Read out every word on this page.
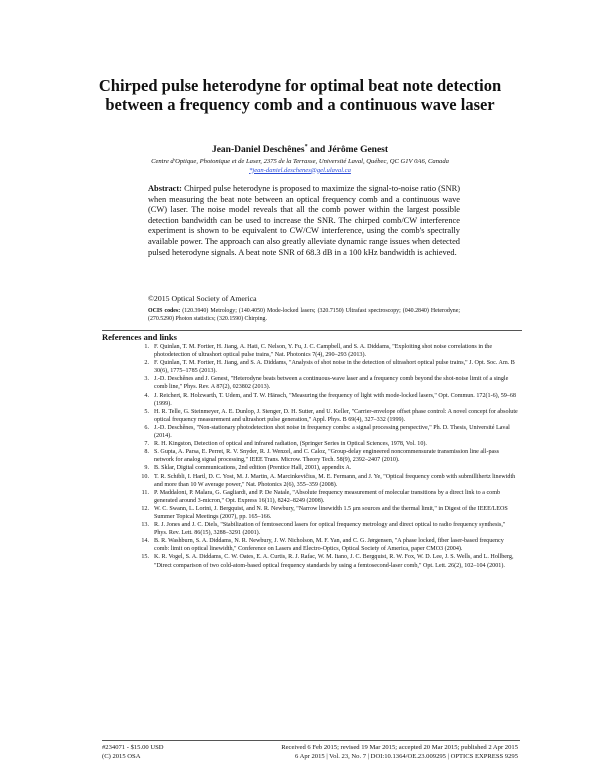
Chirped pulse heterodyne for optimal beat note detection between a frequency comb and a continuous wave laser
Jean-Daniel Deschênes* and Jérôme Genest
Centre d'Optique, Photonique et de Laser, 2375 de la Terrasse, Université Laval, Québec, QC G1V 0A6, Canada
*jean-daniel.deschenes@gel.ulaval.ca
Abstract: Chirped pulse heterodyne is proposed to maximize the signal-to-noise ratio (SNR) when measuring the beat note between an optical frequency comb and a continuous wave (CW) laser. The noise model reveals that all the comb power within the largest possible detection bandwidth can be used to increase the SNR. The chirped comb/CW interference experiment is shown to be equivalent to CW/CW interference, using the comb's spectrally available power. The approach can also greatly alleviate dynamic range issues when detected pulsed heterodyne signals. A beat note SNR of 68.3 dB in a 100 kHz bandwidth is achieved.
©2015 Optical Society of America
OCIS codes: (120.3940) Metrology; (140.4050) Mode-locked lasers; (320.7150) Ultrafast spectroscopy; (040.2840) Heterodyne; (270.5290) Photon statistics; (320.1590) Chirping.
References and links
1. F. Quinlan, T. M. Fortier, H. Jiang, A. Hati, C. Nelson, Y. Fu, J. C. Campbell, and S. A. Diddams, "Exploiting shot noise correlations in the photodetection of ultrashort optical pulse trains," Nat. Photonics 7(4), 290–293 (2013).
2. F. Quinlan, T. M. Fortier, H. Jiang, and S. A. Diddams, "Analysis of shot noise in the detection of ultrashort optical pulse trains," J. Opt. Soc. Am. B 30(6), 1775–1785 (2013).
3. J.-D. Deschênes and J. Genest, "Heterodyne beats between a continuous-wave laser and a frequency comb beyond the shot-noise limit of a single comb line," Phys. Rev. A 87(2), 023802 (2013).
4. J. Reichert, R. Holzwarth, T. Udem, and T. W. Hänsch, "Measuring the frequency of light with mode-locked lasers," Opt. Commun. 172(1-6), 59–68 (1999).
5. H. R. Telle, G. Steinmeyer, A. E. Dunlop, J. Stenger, D. H. Sutter, and U. Keller, "Carrier-envelope offset phase control: A novel concept for absolute optical frequency measurement and ultrashort pulse generation," Appl. Phys. B 69(4), 327–332 (1999).
6. J.-D. Deschênes, "Non-stationary photodetection shot noise in frequency combs: a signal processing perspective," Ph. D. Thesis, Université Laval (2014).
7. R. H. Kingston, Detection of optical and infrared radiation, (Springer Series in Optical Sciences, 1978, Vol. 10).
8. S. Gupta, A. Parsa, E. Perret, R. V. Snyder, R. J. Wenzel, and C. Caloz, "Group-delay engineered noncommensurate transmission line all-pass network for analog signal processing," IEEE Trans. Microw. Theory Tech. 58(9), 2392–2407 (2010).
9. B. Sklar, Digital communications, 2nd edition (Prentice Hall, 2001), appendix A.
10. T. R. Schibli, I. Hartl, D. C. Yost, M. J. Martin, A. Marcinkevičius, M. E. Fermann, and J. Ye, "Optical frequency comb with submillihertz linewidth and more than 10 W average power," Nat. Photonics 2(6), 355–359 (2008).
11. P. Maddaloni, P. Malara, G. Gagliardi, and P. De Natale, "Absolute frequency measurement of molecular transitions by a direct link to a comb generated around 3-micron," Opt. Express 16(11), 8242–8249 (2008).
12. W. C. Swann, L. Lorini, J. Bergquist, and N. R. Newbury, "Narrow linewidth 1.5 μm sources and the thermal limit," in Digest of the IEEE/LEOS Summer Topical Meetings (2007), pp. 165–166.
13. R. J. Jones and J. C. Diels, "Stabilization of femtosecond lasers for optical frequency metrology and direct optical to radio frequency synthesis," Phys. Rev. Lett. 86(15), 3288–3291 (2001).
14. B. R. Washburn, S. A. Diddams, N. R. Newbury, J. W. Nicholson, M. F. Yan, and C. G. Jørgensen, "A phase locked, fiber laser-based frequency comb: limit on optical linewidth," Conference on Lasers and Electro-Optics, Optical Society of America, paper CMO3 (2004).
15. K. R. Vogel, S. A. Diddams, C. W. Oates, E. A. Curtis, R. J. Rafac, W. M. Itano, J. C. Bergquist, R. W. Fox, W. D. Lee, J. S. Wells, and L. Hollberg, "Direct comparison of two cold-atom-based optical frequency standards by using a femtosecond-laser comb," Opt. Lett. 26(2), 102–104 (2001).
#234071 - $15.00 USD
(C) 2015 OSA
Received 6 Feb 2015; revised 19 Mar 2015; accepted 20 Mar 2015; published 2 Apr 2015
6 Apr 2015 | Vol. 23, No. 7 | DOI:10.1364/OE.23.009295 | OPTICS EXPRESS 9295
